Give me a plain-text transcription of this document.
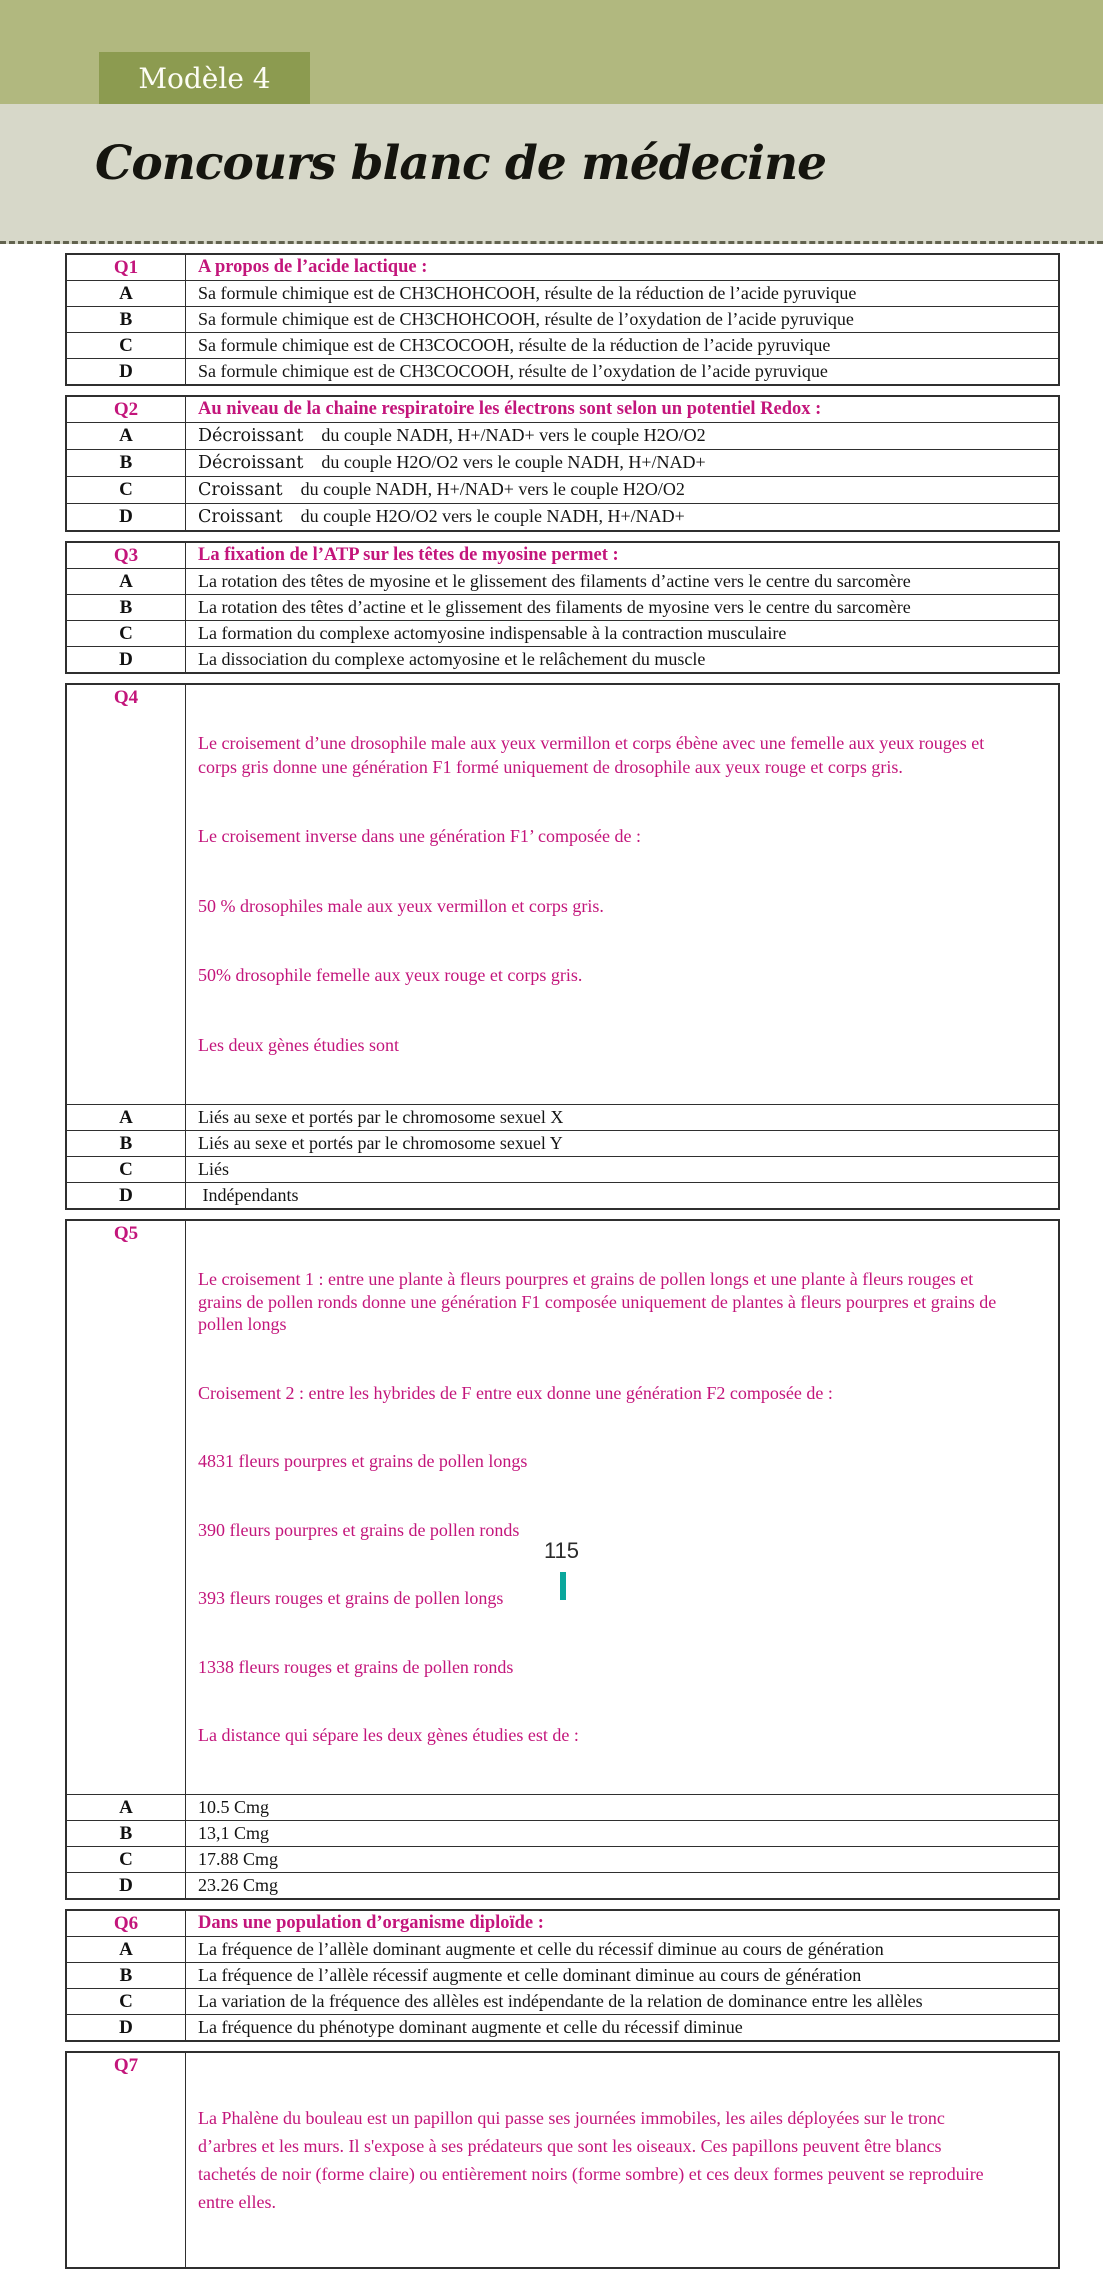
Modèle 4
Concours blanc de médecine
Q1	A propos de l’acide lactique :
A	Sa formule chimique est de CH3CHOHCOOH, résulte de la réduction de l’acide pyruvique
B	Sa formule chimique est de CH3CHOHCOOH, résulte de l’oxydation de l’acide pyruvique
C	Sa formule chimique est de CH3COCOOH, résulte de la réduction de l’acide pyruvique
D	Sa formule chimique est de CH3COCOOH, résulte de l’oxydation de l’acide pyruvique
Q2	Au niveau de la chaine respiratoire les électrons sont selon un potentiel Redox :
A	Décroissant du couple NADH, H+/NAD+ vers le couple H2O/O2
B	Décroissant du couple H2O/O2 vers le couple NADH, H+/NAD+
C	Croissant du couple NADH, H+/NAD+ vers le couple H2O/O2
D	Croissant du couple H2O/O2 vers le couple NADH, H+/NAD+
Q3	La fixation de l’ATP sur les têtes de myosine permet :
A	La rotation des têtes de myosine et le glissement des filaments d’actine vers le centre du sarcomère
B	La rotation des têtes d’actine et le glissement des filaments de myosine vers le centre du sarcomère
C	La formation du complexe actomyosine indispensable à la contraction musculaire
D	La dissociation du complexe actomyosine et le relâchement du muscle
Q4

Le croisement d’une drosophile male aux yeux vermillon et corps ébène avec une femelle aux yeux rouges et corps gris donne une génération F1 formé uniquement de drosophile aux yeux rouge et corps gris.

Le croisement inverse dans une génération F1’ composée de :

50 % drosophiles male aux yeux vermillon et corps gris.

50% drosophile femelle aux yeux rouge et corps gris.

Les deux gènes étudies sont

A	Liés au sexe et portés par le chromosome sexuel X
B	Liés au sexe et portés par le chromosome sexuel Y
C	Liés
D	Indépendants
Q5

Le croisement 1 : entre une plante à fleurs pourpres et grains de pollen longs et une plante à fleurs rouges et grains de pollen ronds donne une génération F1 composée uniquement de plantes à fleurs pourpres et grains de pollen longs

Croisement 2 : entre les hybrides de F entre eux donne une génération F2 composée de :

4831 fleurs pourpres et grains de pollen longs

390 fleurs pourpres et grains de pollen ronds

393 fleurs rouges et grains de pollen longs

1338 fleurs rouges et grains de pollen ronds

La distance qui sépare les deux gènes étudies est de :

A	10.5 Cmg
B	13,1 Cmg
C	17.88 Cmg
D	23.26 Cmg
Q6	Dans une population d’organisme diploïde :
A	La fréquence de l’allèle dominant augmente et celle du récessif diminue au cours de génération
B	La fréquence de l’allèle récessif augmente et celle dominant diminue au cours de génération
C	La variation de la fréquence des allèles est indépendante de la relation de dominance entre les allèles
D	La fréquence du phénotype dominant augmente et celle du récessif diminue
Q7

La Phalène du bouleau est un papillon qui passe ses journées immobiles, les ailes déployées sur le tronc d’arbres et les murs. Il s'expose à ses prédateurs que sont les oiseaux. Ces papillons peuvent être blancs tachetés de noir (forme claire) ou entièrement noirs (forme sombre) et ces deux formes peuvent se reproduire entre elles.

115
